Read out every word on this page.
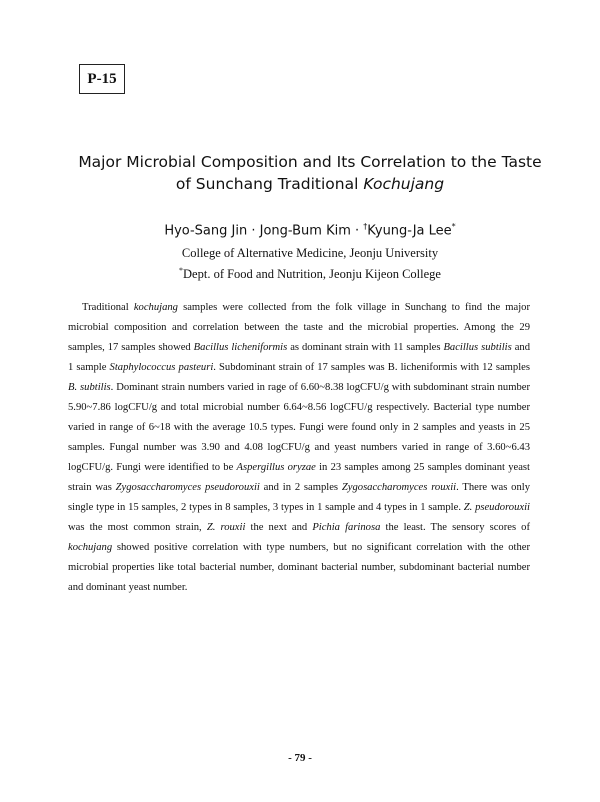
P-15
Major Microbial Composition and Its Correlation to the Taste
of Sunchang Traditional Kochujang
Hyo-Sang Jin · Jong-Bum Kim · †Kyung-Ja Lee*
College of Alternative Medicine, Jeonju University
*Dept. of Food and Nutrition, Jeonju Kijeon College

Traditional kochujang samples were collected from the folk village in Sunchang to find the major microbial composition and correlation between the taste and the microbial properties. Among the 29 samples, 17 samples showed Bacillus licheniformis as dominant strain with 11 samples Bacillus subtilis and 1 sample Staphylococcus pasteuri. Subdominant strain of 17 samples was B. licheniformis with 12 samples B. subtilis. Dominant strain numbers varied in rage of 6.60~8.38 logCFU/g with subdominant strain number 5.90~7.86 logCFU/g and total microbial number 6.64~8.56 logCFU/g respectively. Bacterial type number varied in range of 6~18 with the average 10.5 types. Fungi were found only in 2 samples and yeasts in 25 samples. Fungal number was 3.90 and 4.08 logCFU/g and yeast numbers varied in range of 3.60~6.43 logCFU/g. Fungi were identified to be Aspergillus oryzae in 23 samples among 25 samples dominant yeast strain was Zygosaccharomyces pseudorouxii and in 2 samples Zygosaccharomyces rouxii. There was only single type in 15 samples, 2 types in 8 samples, 3 types in 1 sample and 4 types in 1 sample. Z. pseudorouxii was the most common strain, Z. rouxii the next and Pichia farinosa the least. The sensory scores of kochujang showed positive correlation with type numbers, but no significant correlation with the other microbial properties like total bacterial number, dominant bacterial number, subdominant bacterial number and dominant yeast number.

- 79 -
